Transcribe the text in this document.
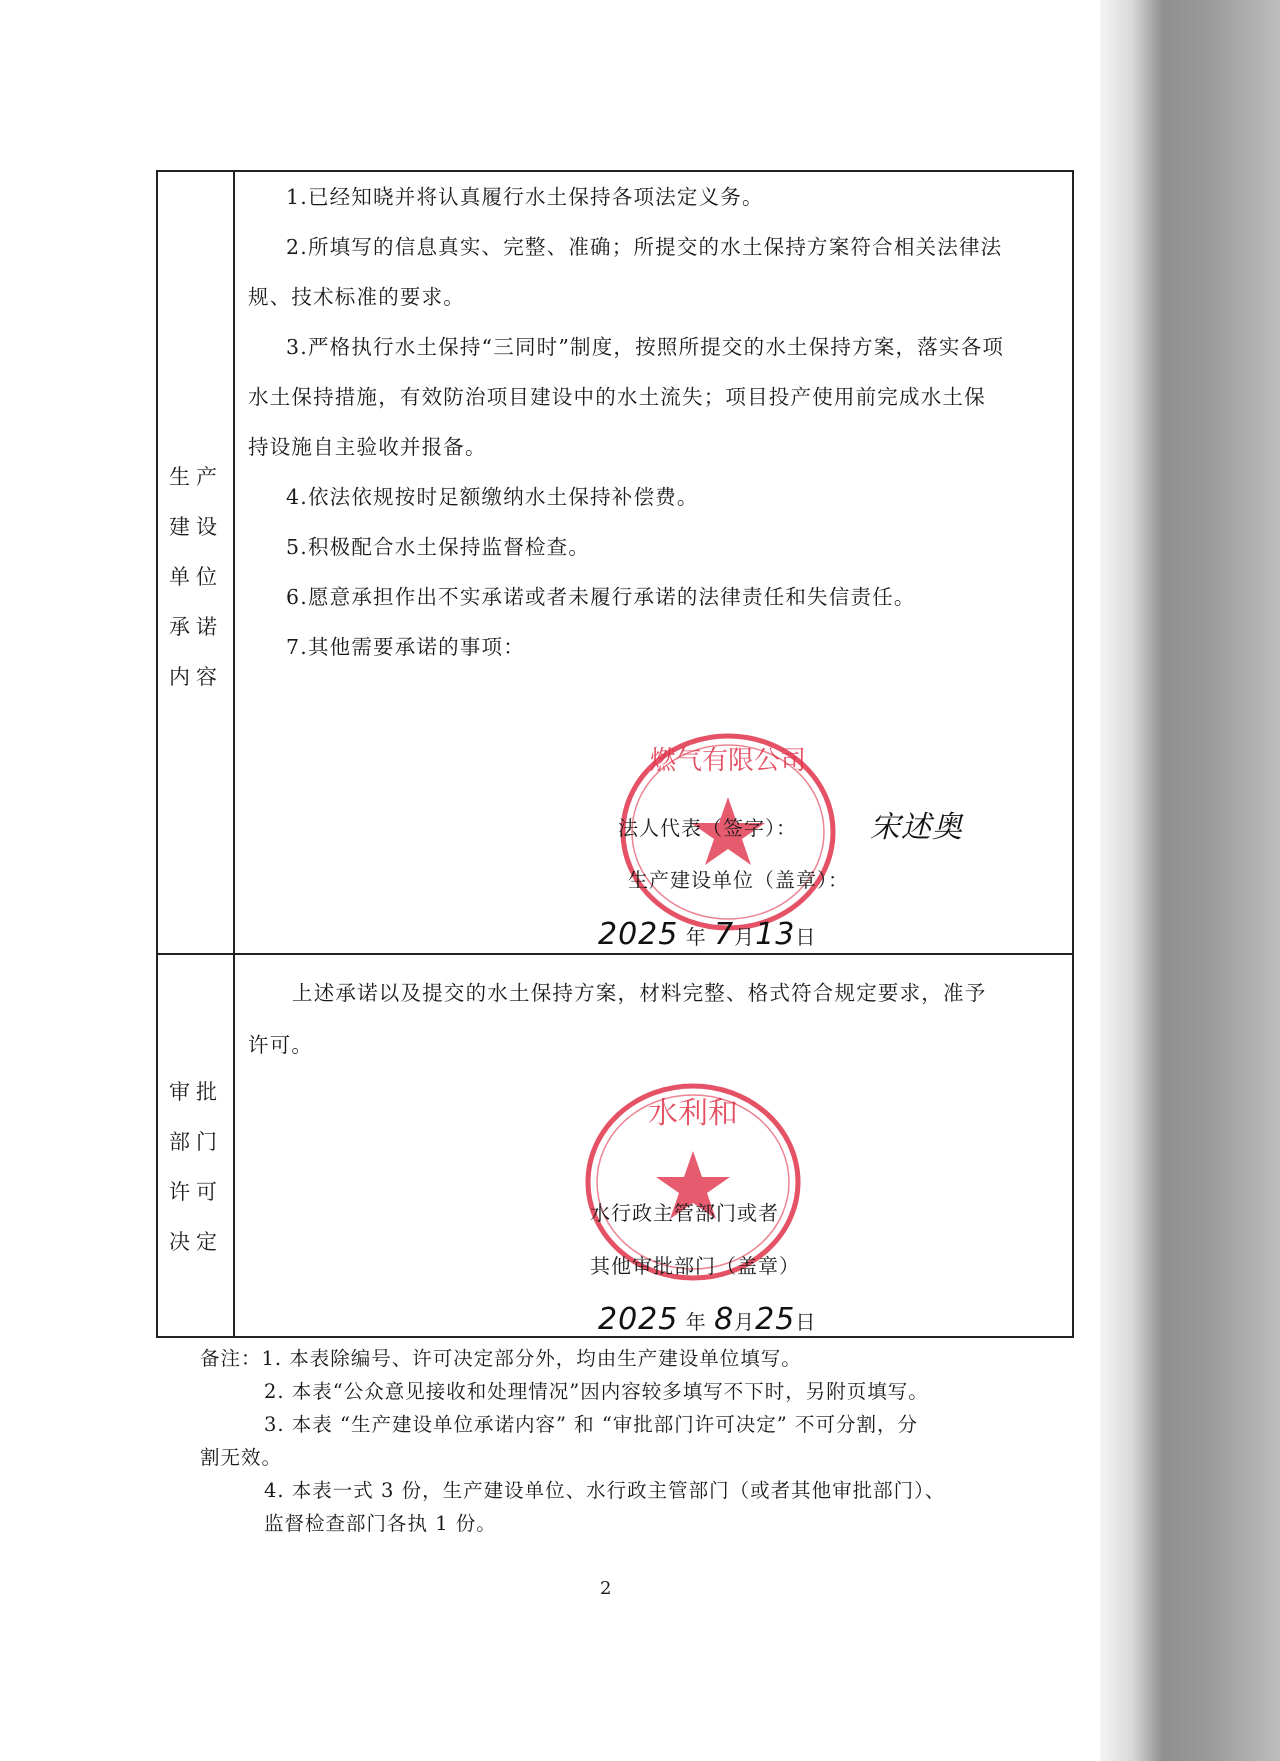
生产
建设
单位
承诺
内容
审批
部门
许可
决定

1.已经知晓并将认真履行水土保持各项法定义务。

2.所填写的信息真实、完整、准确；所提交的水土保持方案符合相关法律法
规、技术标准的要求。

3.严格执行水土保持“三同时”制度，按照所提交的水土保持方案，落实各项
水土保持措施，有效防治项目建设中的水土流失；项目投产使用前完成水土保
持设施自主验收并报备。

4.依法依规按时足额缴纳水土保持补偿费。

5.积极配合水土保持监督检查。

6.愿意承担作出不实承诺或者未履行承诺的法律责任和失信责任。

7.其他需要承诺的事项：

燃气有限公司
法人代表（签字）： 宋述奥
生产建设单位（盖章）：
2025 年 7月13日
上述承诺以及提交的水土保持方案，材料完整、格式符合规定要求，准予
许可。
水利和
水行政主管部门或者
其他审批部门（盖章）
2025 年 8月25日

备注：1. 本表除编号、许可决定部分外，均由生产建设单位填写。

2. 本表“公众意见接收和处理情况”因内容较多填写不下时，另附页填写。

3. 本表 “生产建设单位承诺内容” 和 “审批部门许可决定” 不可分割，分

割无效。

4. 本表一式 3 份，生产建设单位、水行政主管部门（或者其他审批部门）、

监督检查部门各执 1 份。

2
